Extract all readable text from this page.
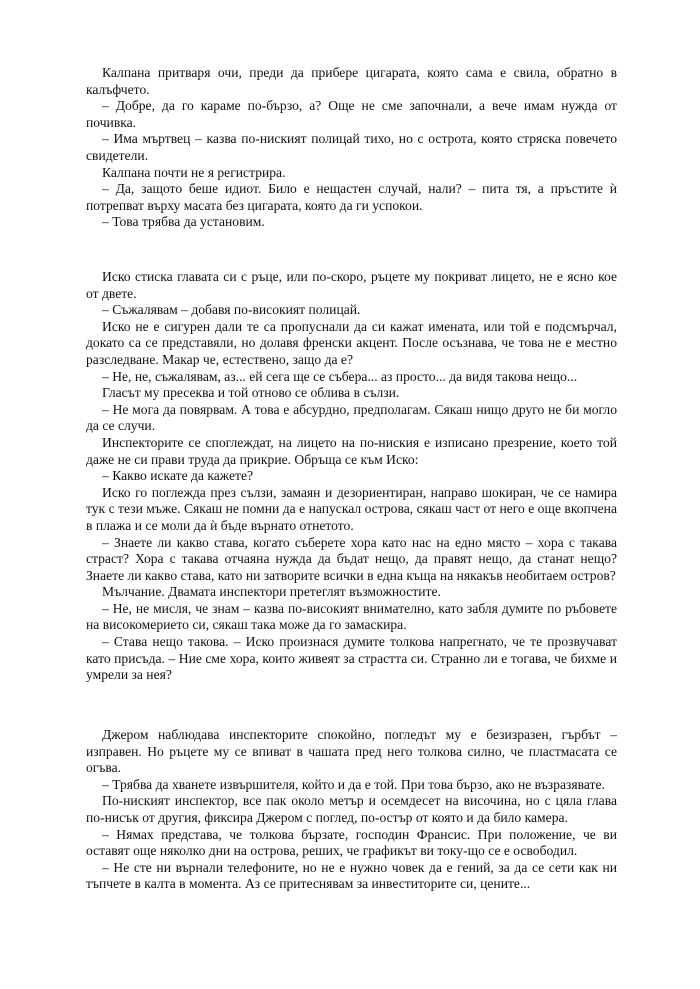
Калпана притваря очи, преди да прибере цигарата, която сама е свила, обратно в калъфчето.

– Добре, да го караме по-бързо, а? Още не сме започнали, а вече имам нужда от почивка.

– Има мъртвец – казва по-ниският полицай тихо, но с острота, която стряска повечето свидетели.

Калпана почти не я регистрира.

– Да, защото беше идиот. Било е нещастен случай, нали? – пита тя, а пръстите ѝ потрепват върху масата без цигарата, която да ги успокои.

– Това трябва да установим.

Иско стиска главата си с ръце, или по-скоро, ръцете му покриват лицето, не е ясно кое от двете.

– Съжалявам – добавя по-високият полицай.

Иско не е сигурен дали те са пропуснали да си кажат имената, или той е подсмърчал, докато са се представяли, но долавя френски акцент. После осъзнава, че това не е местно разследване. Макар че, естествено, защо да е?

– Не, не, съжалявам, аз... ей сега ще се събера... аз просто... да видя такова нещо...

Гласът му пресеква и той отново се облива в сълзи.

– Не мога да повярвам. А това е абсурдно, предполагам. Сякаш нищо друго не би могло да се случи.

Инспекторите се споглеждат, на лицето на по-ниския е изписано презрение, което той даже не си прави труда да прикрие. Обръща се към Иско:

– Какво искате да кажете?

Иско го поглежда през сълзи, замаян и дезориентиран, направо шокиран, че се намира тук с тези мъже. Сякаш не помни да е напускал острова, сякаш част от него е още вкопчена в плажа и се моли да ѝ бъде върнато отнетото.

– Знаете ли какво става, когато съберете хора като нас на едно място – хора с такава страст? Хора с такава отчаяна нужда да бъдат нещо, да правят нещо, да станат нещо? Знаете ли какво става, като ни затворите всички в една къща на някакъв необитаем остров?

Мълчание. Двамата инспектори претеглят възможностите.

– Не, не мисля, че знам – казва по-високият внимателно, като забля думите по ръбовете на високомерието си, сякаш така може да го замаскира.

– Става нещо такова. – Иско произнася думите толкова напрегнато, че те прозвучават като присъда. – Ние сме хора, които живеят за страстта си. Странно ли е тогава, че бихме и умрели за нея?

Джером наблюдава инспекторите спокойно, погледът му е безизразен, гърбът – изправен. Но ръцете му се впиват в чашата пред него толкова силно, че пластмасата се огъва.

– Трябва да хванете извършителя, който и да е той. При това бързо, ако не възразявате.

По-ниският инспектор, все пак около метър и осемдесет на височина, но с цяла глава по-нисък от другия, фиксира Джером с поглед, по-остър от която и да било камера.

– Нямах представа, че толкова бързате, господин Франсис. При положение, че ви оставят още няколко дни на острова, реших, че графикът ви току-що се е освободил.

– Не сте ни върнали телефоните, но не е нужно човек да е гений, за да се сети как ни тъпчете в калта в момента. Аз се притеснявам за инвеститорите си, ценитe...
